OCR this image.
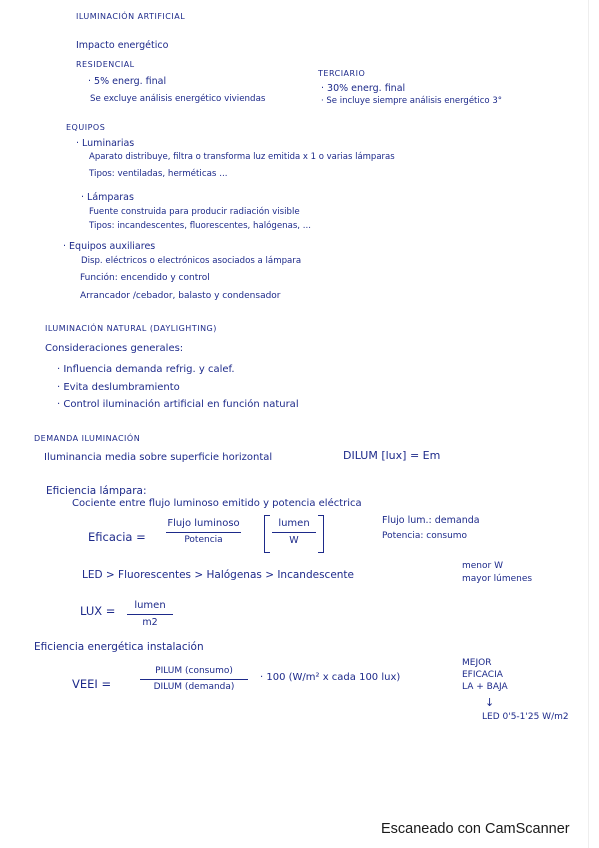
ILUMINACIÓN ARTIFICIAL
Impacto energético
RESIDENCIAL
· 5% energ. final
Se excluye análisis energético viviendas
TERCIARIO
· 30% energ. final
· Se incluye siempre análisis energético 3°
EQUIPOS
· Luminarias
Aparato distribuye, filtra o transforma luz emitida x 1 o varias lámparas
Tipos: ventiladas, herméticas ...
· Lámparas
Fuente construida para producir radiación visible
Tipos: incandescentes, fluorescentes, halógenas, ...
· Equipos auxiliares
Disp. eléctricos o electrónicos asociados a lámpara
Función: encendido y control
Arrancador /cebador, balasto y condensador
ILUMINACIÓN NATURAL (DAYLIGHTING)
Consideraciones generales:
· Influencia demanda refrig. y calef.
· Evita deslumbramiento
· Control iluminación artificial en función natural
DEMANDA ILUMINACIÓN
Iluminancia media sobre superficie horizontal	DILUM [lux] = Em
Eficiencia lámpara:
Cociente entre flujo luminoso emitido y potencia eléctrica
Eficacia =
Flujo luminoso
Potencia
lumen
W
Flujo lum.: demanda
Potencia: consumo
LED > Fluorescentes > Halógenas > Incandescente
menor W
mayor lúmenes
LUX = lumen
m2
Eficiencia energética instalación
VEEI =
PILUM (consumo)
DILUM (demanda)
· 100 (W/m² x cada 100 lux)
MEJOR
EFICACIA
LA + BAJA
↓
LED 0'5-1'25 W/m2
Escaneado con CamScanner
